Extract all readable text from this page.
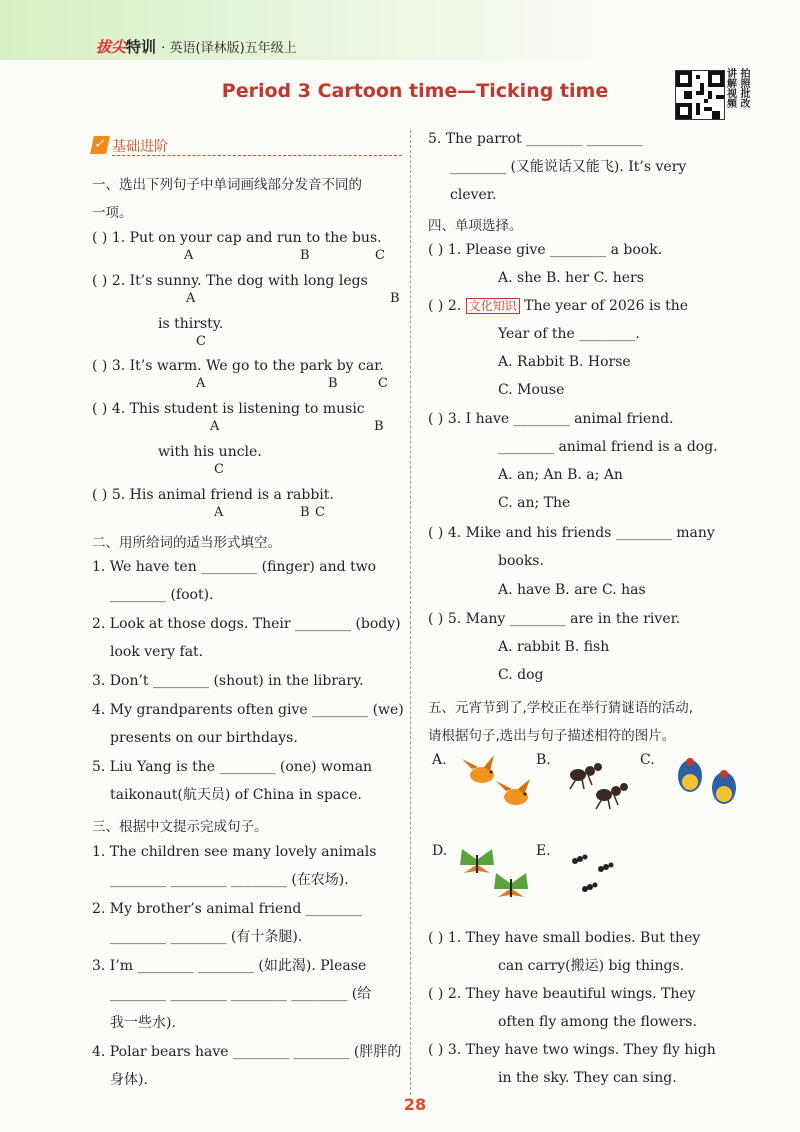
拔尖特训 · 英语(译林版)五年级上
Period 3 Cartoon time—Ticking time
讲 拍 解 照 视 批 频 改
✓ 基础进阶
一、选出下列句子中单词画线部分发音不同的
一项。
( ) 1. Put on your cap and run to the bus.
A	B	C
( ) 2. It’s sunny. The dog with long legs
A	B
is thirsty.
C
( ) 3. It’s warm. We go to the park by car.
A	B	C
( ) 4. This student is listening to music
A	B
with his uncle.
C
( ) 5. His animal friend is a rabbit.
A	B C
二、用所给词的适当形式填空。
1. We have ten ________ (finger) and two
________ (foot).
2. Look at those dogs. Their ________ (body)
look very fat.
3. Don’t ________ (shout) in the library.
4. My grandparents often give ________ (we)
presents on our birthdays.
5. Liu Yang is the ________ (one) woman
taikonaut(航天员) of China in space.
三、根据中文提示完成句子。
1. The children see many lovely animals
________ ________ ________ (在农场).
2. My brother’s animal friend ________
________ ________ (有十条腿).
3. I’m ________ ________ (如此渴). Please
________ ________ ________ ________ (给
我一些水).
4. Polar bears have ________ ________ (胖胖的
身体).
5. The parrot ________ ________
________ (又能说话又能飞). It’s very
clever.
四、单项选择。
( ) 1. Please give ________ a book.
A. she B. her C. hers
( ) 2. 文化知识 The year of 2026 is the
Year of the ________.
A. Rabbit B. Horse
C. Mouse
( ) 3. I have ________ animal friend.
________ animal friend is a dog.
A. an; An B. a; An
C. an; The
( ) 4. Mike and his friends ________ many
books.
A. have B. are C. has
( ) 5. Many ________ are in the river.
A. rabbit B. fish
C. dog
五、元宵节到了,学校正在举行猜谜语的活动,
请根据句子,选出与句子描述相符的图片。
A.	B.	C.
D.	E.
( ) 1. They have small bodies. But they
can carry(搬运) big things.
( ) 2. They have beautiful wings. They
often fly among the flowers.
( ) 3. They have two wings. They fly high
in the sky. They can sing.
28
